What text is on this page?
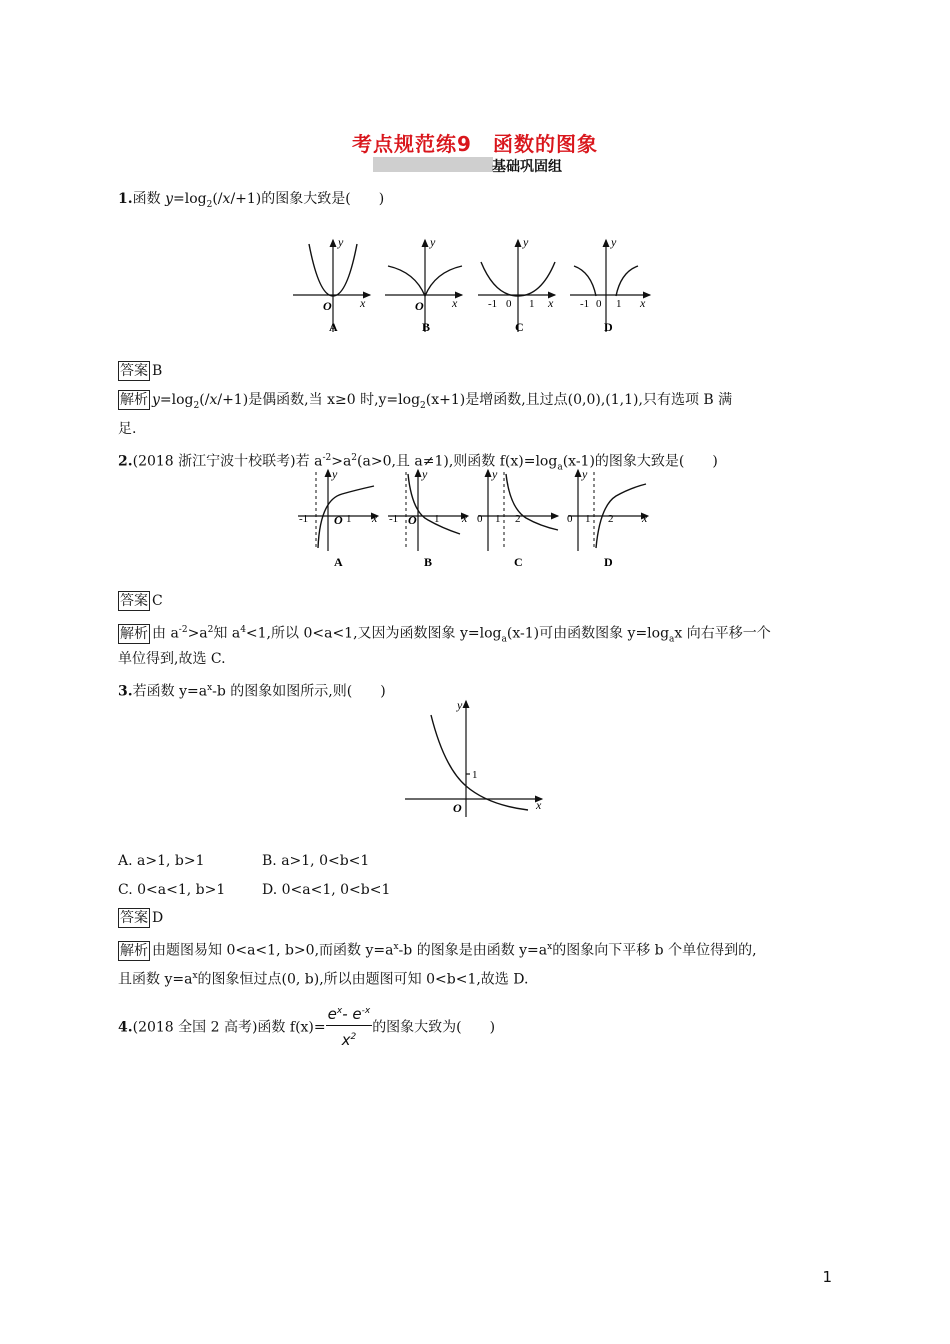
考点规范练9　函数的图象
基础巩固组
1.函数 $y=\log_2(/x/+1)$的图象大致是(　　)
y
x
O
A
y
x
O
B
y
x
-1 0 1
C
y
x
-1 0 1
D
答案 B
解析 $y=\log_2(/x/+1)$是偶函数,当 x≥0 时$,y=\log_2(x+1)$是增函数,且过点(0,0),(1,1),只有选项 B 满
足.
2.(2018 浙江宁波十校联考)若 $a^{-2}>a^2(a>0$,且 a≠1),则函数 $f(x)=\log_a(x-1)$的图象大致是(　　)
y
x
-1 O 1
A
y
x
-1 O 1
B
y
0 1 2
C
y
x
0 1 2
D
答案 C
解析 由 $a^{-2}>a^2$知 $a^4<1$,所以 0<a<1,又因为函数图象 $y=\log_a(x-1)$可由函数图象 $y=\log_ax$ 向右平移一个
单位得到,故选 C.
3.若函数 $y=a^x-b$ 的图象如图所示,则(　　)
y
1
x
O
A. a>1, b>1	B. a>1, 0<b<1
C. 0<a<1, b>1	D. 0<a<1, 0<b<1
答案 D
解析 由题图易知 0<a<1, b>0,而函数 $y=a^x-b$ 的图象是由函数 $y=a^x$的图象向下平移 b 个单位得到的,
且函数 $y=a^x$的图象恒过点(0, b),所以由题图可知 0<b<1,故选 D.
4.(2018 全国 2 高考)函数 $f(x)= \frac{e^x- e^{-x}}{x^2}$ 的图象大致为(　　)
1
